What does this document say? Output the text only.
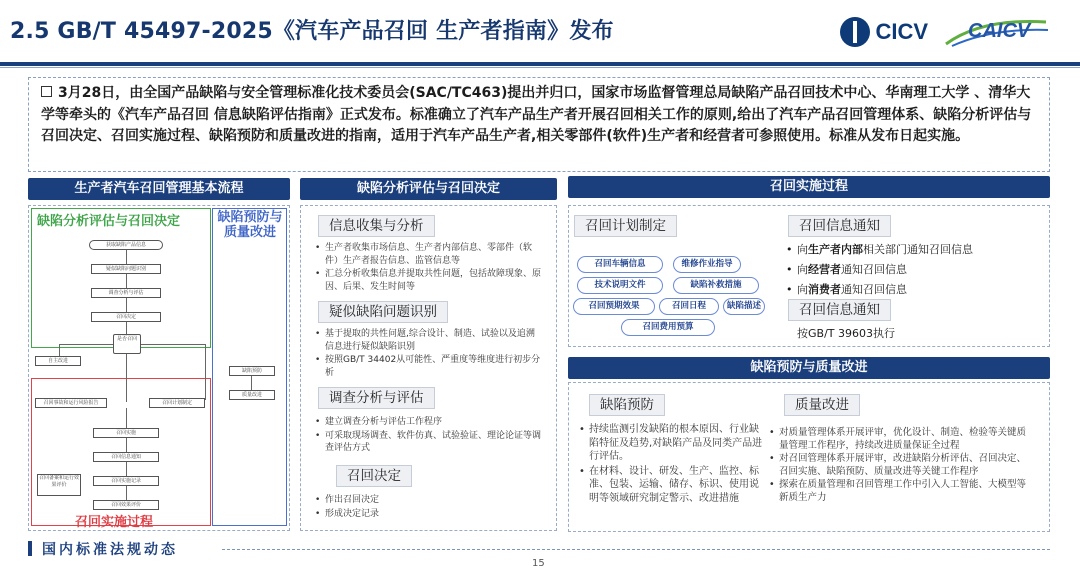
2.5 GB/T 45497-2025《汽车产品召回 生产者指南》发布	CICV CAICV
3月28日，由全国产品缺陷与安全管理标准化技术委员会(SAC/TC463)提出并归口，国家市场监督管理总局缺陷产品召回技术中心、华南理工大学 、清华大学等牵头的《汽车产品召回 信息缺陷评估指南》正式发布。标准确立了汽车产品生产者开展召回相关工作的原则,给出了汽车产品召回管理体系、缺陷分析评估与召回决定、召回实施过程、缺陷预防和质量改进的指南，适用于汽车产品生产者,相关零部件(软件)生产者和经营者可参照使用。标准从发布日起实施。
生产者汽车召回管理基本流程	缺陷分析评估与召回决定	召回实施过程
缺陷预防与质量改进
缺陷分析评估与召回决定	缺陷预防与质量改进
召回实施过程
获取缺陷产品信息
疑似缺陷问题识别
调查分析与评估
召回决定
是否召回
自主改进
召回事故和运行风险报告	召回计划制定
召回实施
召回信息通知
召回实施记录
召回备案和运行效果评价
召回效果评价
缺陷预防
质量改进
信息收集与分析
• 生产者收集市场信息、生产者内部信息、零部件（软件）生产者报告信息、监管信息等
• 汇总分析收集信息并提取共性问题，包括故障现象、原因、后果、发生时间等
疑似缺陷问题识别
• 基于提取的共性问题,综合设计、制造、试验以及追溯信息进行疑似缺陷识别
• 按照GB/T 34402从可能性、严重度等维度进行初步分析
调查分析与评估
• 建立调查分析与评估工作程序
• 可采取现场调查、软件仿真、试验验证、理论论证等调查评估方式
召回决定
• 作出召回决定
• 形成决定记录
召回计划制定
召回车辆信息	维修作业指导
技术说明文件	缺陷补救措施
召回预期效果	召回日程	缺陷描述
召回费用预算
召回信息通知
• 向生产者内部相关部门通知召回信息
• 向经营者通知召回信息
• 向消费者通知召回信息
召回信息通知
按GB/T 39603执行
缺陷预防
• 持续监测引发缺陷的根本原因、行业缺陷特征及趋势,对缺陷产品及同类产品进行评估。
• 在材料、设计、研发、生产、监控、标准、包装、运输、储存、标识、使用说明等领域研究制定警示、改进措施
质量改进
• 对质量管理体系开展评审，优化设计、制造、检验等关键质量管理工作程序，持续改进质量保证全过程
• 对召回管理体系开展评审，改进缺陷分析评估、召回决定、召回实施、缺陷预防、质量改进等关键工作程序
• 探索在质量管理和召回管理工作中引入人工智能、大模型等新质生产力
国内标准法规动态
15
